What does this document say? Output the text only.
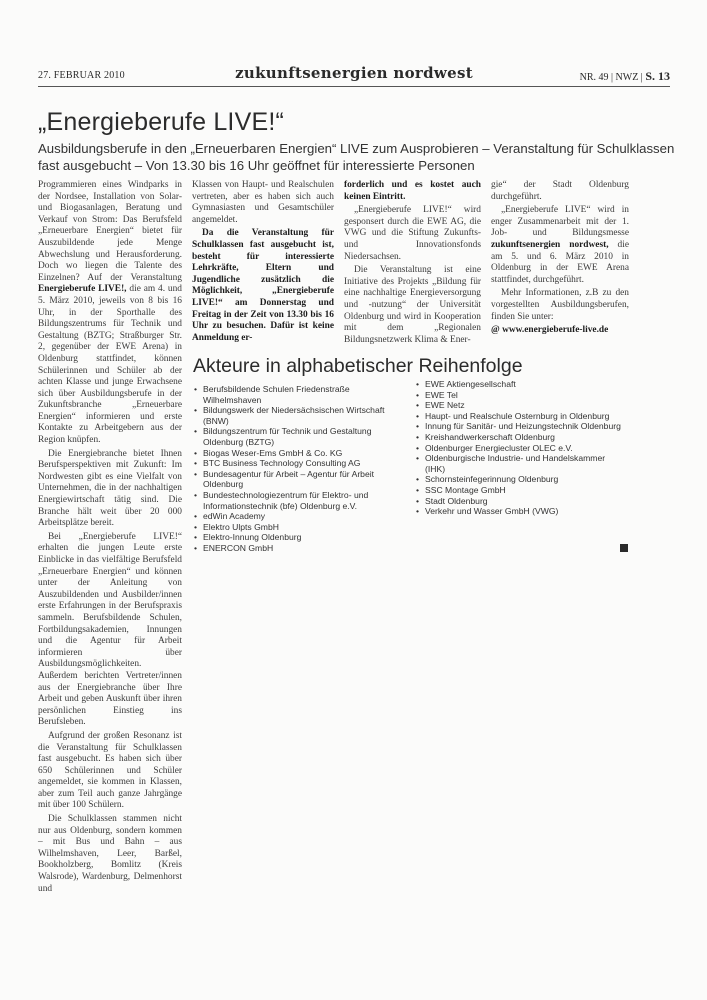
27. FEBRUAR 2010	zukunftsenergien nordwest	NR. 49 | NWZ | S. 13
„Energieberufe LIVE!“
Ausbildungsberufe in den „Erneuerbaren Energien“ LIVE zum Ausprobieren – Veranstaltung für Schulklassen fast ausgebucht – Von 13.30 bis 16 Uhr geöffnet für interessierte Personen

Programmieren eines Windparks in der Nordsee, Installation von Solar- und Biogasanlagen, Beratung und Verkauf von Strom: Das Berufsfeld „Erneuerbare Energien“ bietet für Auszubildende jede Menge Abwechslung und Herausforderung. Doch wo liegen die Talente des Einzelnen? Auf der Veranstaltung Energieberufe LIVE!, die am 4. und 5. März 2010, jeweils von 8 bis 16 Uhr, in der Sporthalle des Bildungszentrums für Technik und Gestaltung (BZTG; Straßburger Str. 2, gegenüber der EWE Arena) in Oldenburg stattfindet, können Schülerinnen und Schüler ab der achten Klasse und junge Erwachsene sich über Ausbildungsberufe in der Zukunftsbranche „Erneuerbare Energien“ informieren und erste Kontakte zu Arbeitgebern aus der Region knüpfen.

Die Energiebranche bietet Ihnen Berufsperspektiven mit Zukunft: Im Nordwesten gibt es eine Vielfalt von Unternehmen, die in der nachhaltigen Energiewirtschaft tätig sind. Die Branche hält weit über 20 000 Arbeitsplätze bereit.

Bei „Energieberufe LIVE!“ erhalten die jungen Leute erste Einblicke in das vielfältige Berufsfeld „Erneuerbare Energien“ und können unter der Anleitung von Auszubildenden und Ausbilder/innen erste Erfahrungen in der Berufspraxis sammeln. Berufsbildende Schulen, Fortbildungsakademien, Innungen und die Agentur für Arbeit informieren über Ausbildungsmöglichkeiten. Außerdem berichten Vertreter/innen aus der Energiebranche über Ihre Arbeit und geben Auskunft über ihren persönlichen Einstieg ins Berufsleben.

Aufgrund der großen Resonanz ist die Veranstaltung für Schulklassen fast ausgebucht. Es haben sich über 650 Schülerinnen und Schüler angemeldet, sie kommen in Klassen, aber zum Teil auch ganze Jahrgänge mit über 100 Schülern.

Die Schulklassen stammen nicht nur aus Oldenburg, sondern kommen – mit Bus und Bahn – aus Wilhelmshaven, Leer, Barßel, Bookholzberg, Bomlitz (Kreis Walsrode), Wardenburg, Delmenhorst und

Klassen von Haupt- und Realschulen vertreten, aber es haben sich auch Gymnasiasten und Gesamtschüler angemeldet.

Da die Veranstaltung für Schulklassen fast ausgebucht ist, besteht für interessierte Lehrkräfte, Eltern und Jugendliche zusätzlich die Möglichkeit, „Energieberufe LIVE!“ am Donnerstag und Freitag in der Zeit von 13.30 bis 16 Uhr zu besuchen. Dafür ist keine Anmeldung er-

forderlich und es kostet auch keinen Eintritt.

„Energieberufe LIVE!“ wird gesponsert durch die EWE AG, die VWG und die Stiftung Zukunfts- und Innovationsfonds Niedersachsen.

Die Veranstaltung ist eine Initiative des Projekts „Bildung für eine nachhaltige Energieversorgung und -nutzung“ der Universität Oldenburg und wird in Kooperation mit dem „Regionalen Bildungsnetzwerk Klima & Ener-

gie“ der Stadt Oldenburg durchgeführt.

„Energieberufe LIVE“ wird in enger Zusammenarbeit mit der 1. Job- und Bildungsmesse zukunftsenergien nordwest, die am 5. und 6. März 2010 in Oldenburg in der EWE Arena stattfindet, durchgeführt.

Mehr Informationen, z.B zu den vorgestellten Ausbildungsberufen, finden Sie unter:

@ www.energieberufe-live.de

Akteure in alphabetischer Reihenfolge
• Berufsbildende Schulen Friedenstraße Wilhelmshaven
• Bildungswerk der Niedersächsischen Wirtschaft (BNW)
• Bildungszentrum für Technik und Gestaltung Oldenburg (BZTG)
• Biogas Weser-Ems GmbH & Co. KG
• BTC Business Technology Consulting AG
• Bundesagentur für Arbeit – Agentur für Arbeit Oldenburg
• Bundestechnologiezentrum für Elektro- und Informationstechnik (bfe) Oldenburg e.V.
• edWin Academy
• Elektro Ulpts GmbH
• Elektro-Innung Oldenburg
• ENERCON GmbH
• EWE Aktiengesellschaft
• EWE Tel
• EWE Netz
• Haupt- und Realschule Osternburg in Oldenburg
• Innung für Sanitär- und Heizungstechnik Oldenburg
• Kreishandwerkerschaft Oldenburg
• Oldenburger Energiecluster OLEC e.V.
• Oldenburgische Industrie- und Handelskammer (IHK)
• Schornsteinfegerinnung Oldenburg
• SSC Montage GmbH
• Stadt Oldenburg
• Verkehr und Wasser GmbH (VWG)
